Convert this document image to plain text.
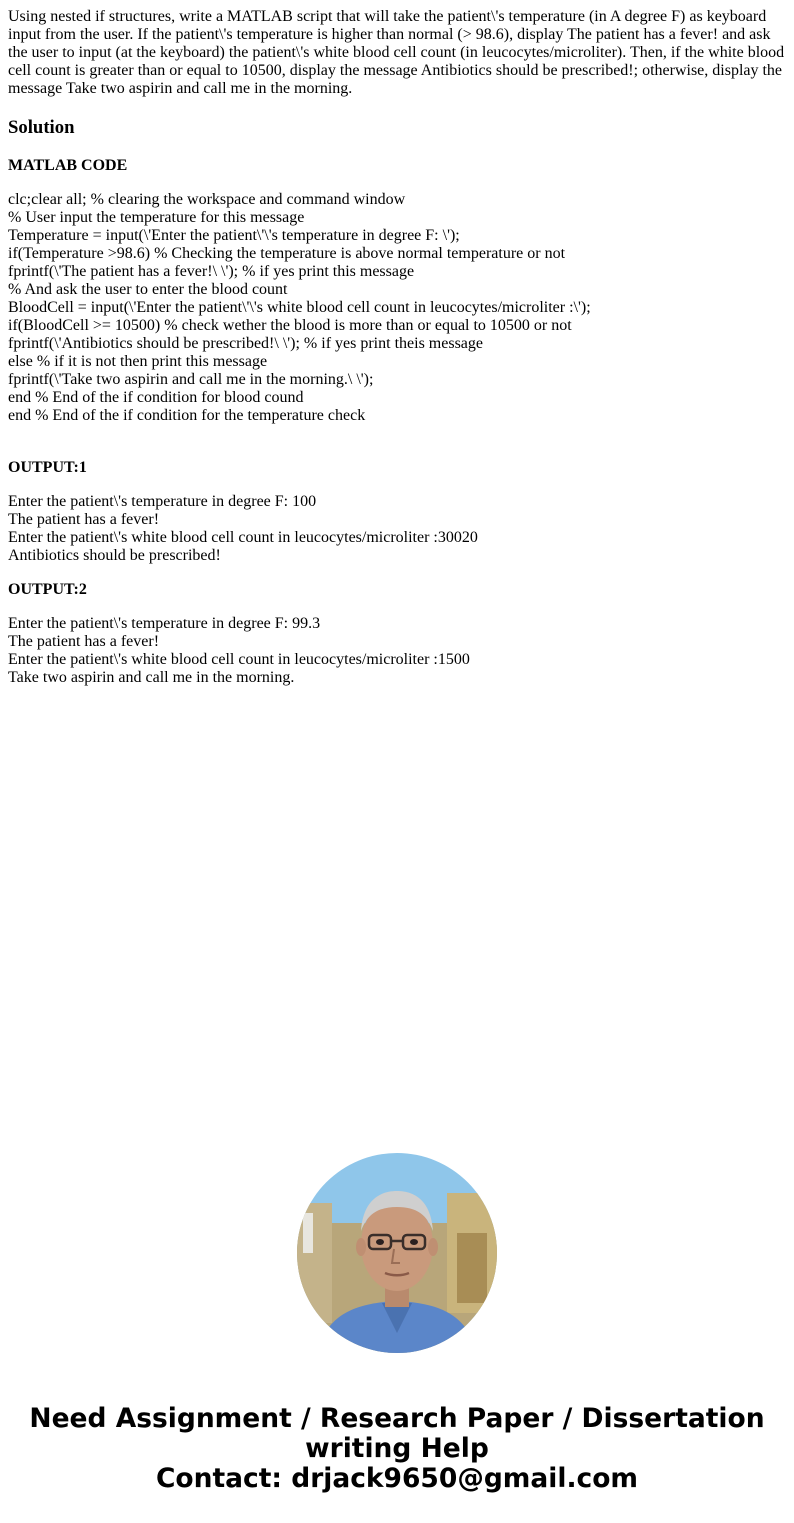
Using nested if structures, write a MATLAB script that will take the patient\'s temperature (in A degree F) as keyboard input from the user. If the patient\'s temperature is higher than normal (> 98.6), display The patient has a fever! and ask the user to input (at the keyboard) the patient\'s white blood cell count (in leucocytes/microliter). Then, if the white blood cell count is greater than or equal to 10500, display the message Antibiotics should be prescribed!; otherwise, display the message Take two aspirin and call me in the morning.
Solution
MATLAB CODE
clc;clear all; % clearing the workspace and command window
% User input the temperature for this message
Temperature = input(\'Enter the patient\'\'s temperature in degree F: \');
if(Temperature >98.6) % Checking the temperature is above normal temperature or not
fprintf(\'The patient has a fever!\ \'); % if yes print this message
% And ask the user to enter the blood count
BloodCell = input(\'Enter the patient\'\'s white blood cell count in leucocytes/microliter :\');
if(BloodCell >= 10500) % check wether the blood is more than or equal to 10500 or not
fprintf(\'Antibiotics should be prescribed!\ \'); % if yes print theis message
else % if it is not then print this message
fprintf(\'Take two aspirin and call me in the morning.\ \');
end % End of the if condition for blood cound
end % End of the if condition for the temperature check
OUTPUT:1
Enter the patient\'s temperature in degree F: 100
The patient has a fever!
Enter the patient\'s white blood cell count in leucocytes/microliter :30020
Antibiotics should be prescribed!
OUTPUT:2
Enter the patient\'s temperature in degree F: 99.3
The patient has a fever!
Enter the patient\'s white blood cell count in leucocytes/microliter :1500
Take two aspirin and call me in the morning.
Need Assignment / Research Paper / Dissertation
writing Help
Contact: drjack9650@gmail.com
